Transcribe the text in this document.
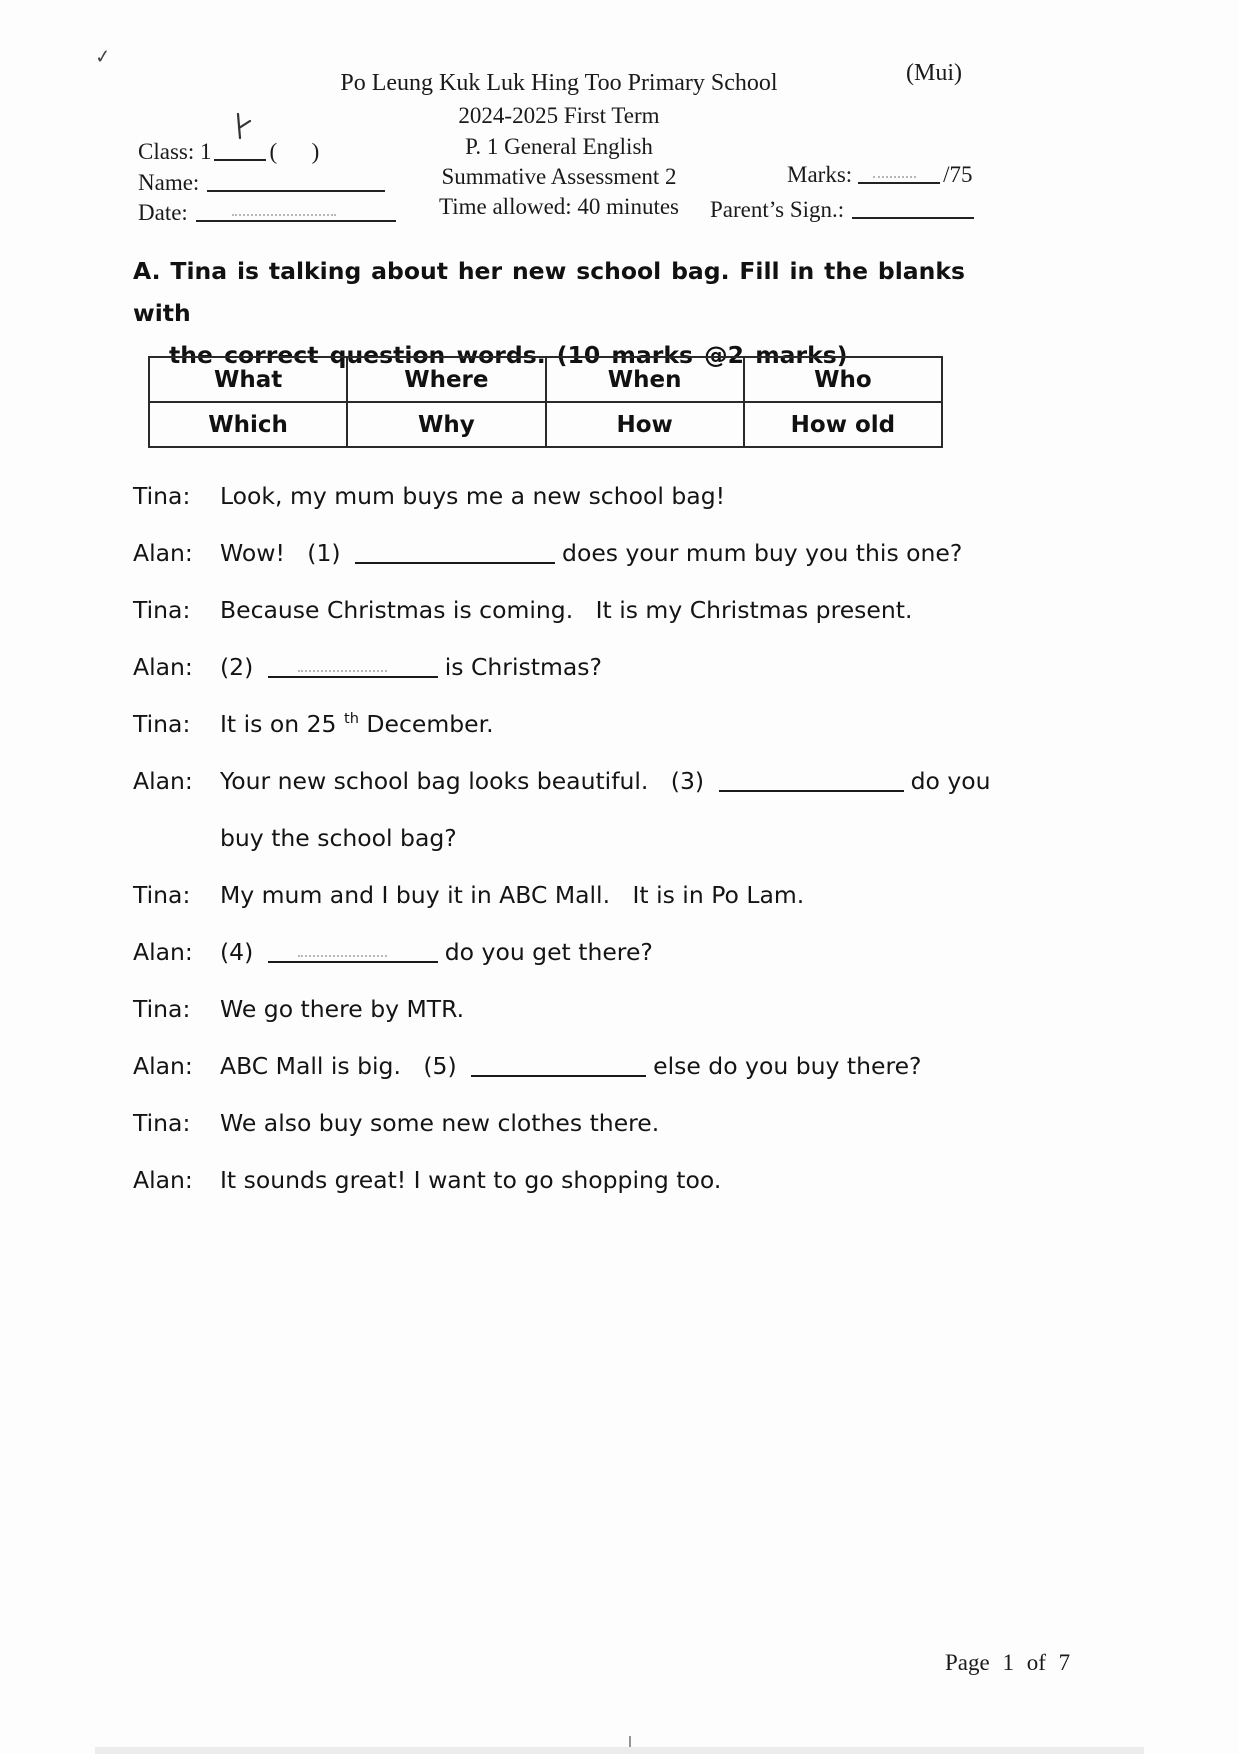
✓
Po Leung Kuk Luk Hing Too Primary School	(Mui)
2024-2025 First Term
P. 1 General English
Summative Assessment 2
Time allowed: 40 minutes
Class: 1	(      )
Name:
Date:
Marks:	/75
Parent’s Sign.:
A. Tina is talking about her new school bag. Fill in the blanks with
the correct question words. (10 marks @2 marks)
What	Where	When	Who
Which	Why	How	How old
Tina:	Look, my mum buys me a new school bag!
Alan:	Wow!   (1)	does your mum buy you this one?
Tina:	Because Christmas is coming.   It is my Christmas present.
Alan:	(2)	is Christmas?
Tina:	It is on 25 $^{th}$ December.
Alan:	Your new school bag looks beautiful.   (3)	do you
buy the school bag?
Tina:	My mum and I buy it in ABC Mall.   It is in Po Lam.
Alan:	(4)	do you get there?
Tina:	We go there by MTR.
Alan:	ABC Mall is big.   (5)	else do you buy there?
Tina:	We also buy some new clothes there.
Alan:	It sounds great! I want to go shopping too.
Page 1 of 7
